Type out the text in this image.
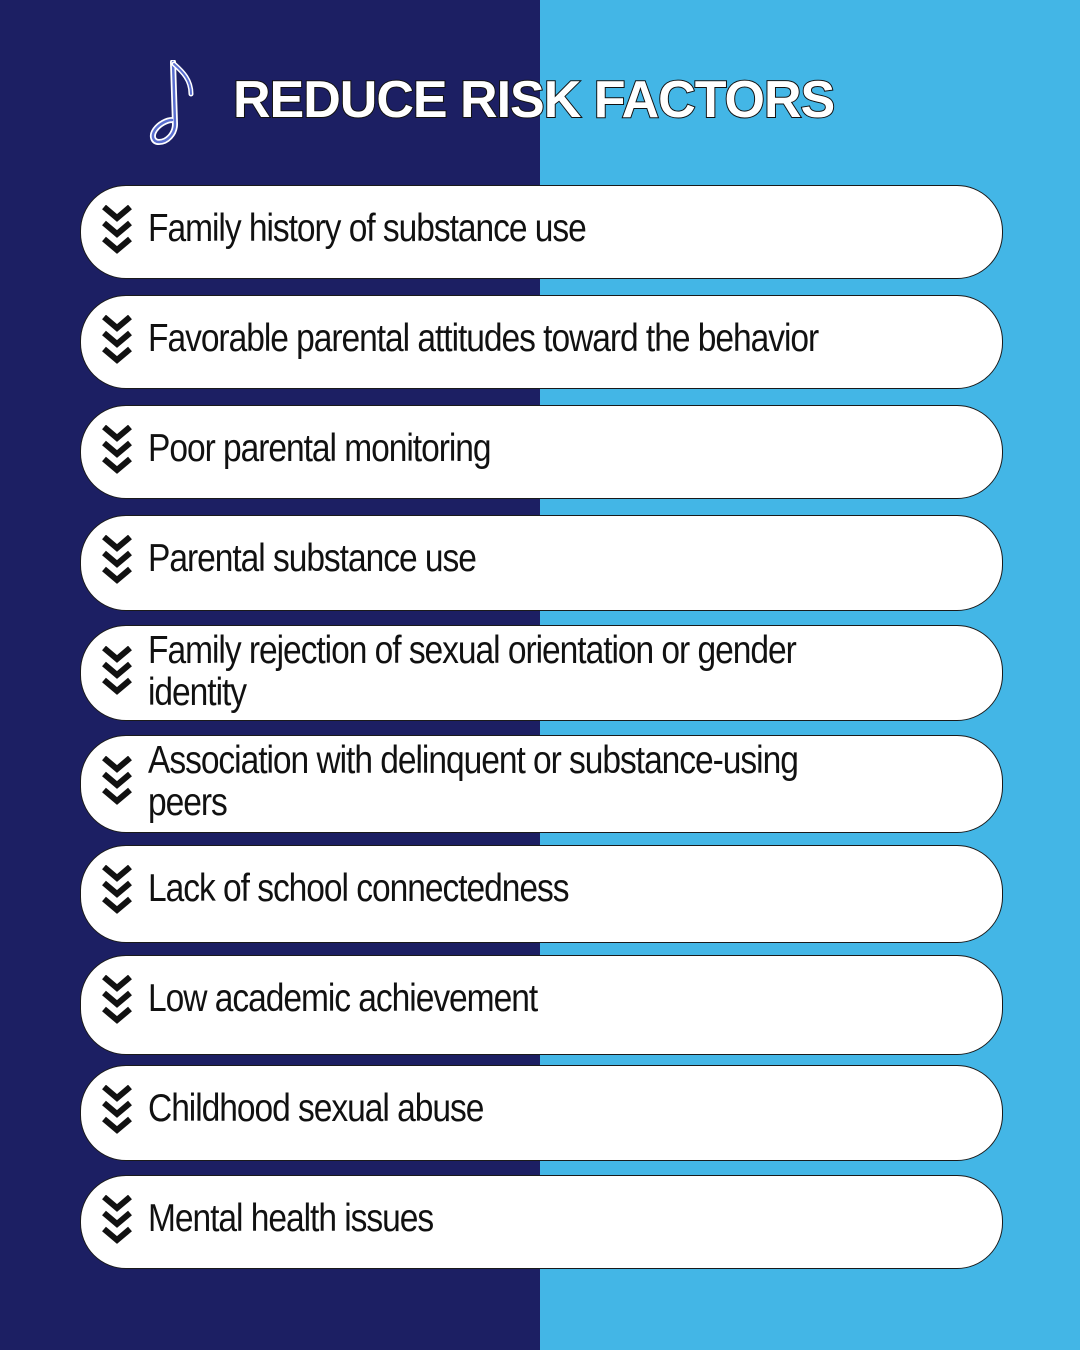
REDUCE RISK FACTORS
Family history of substance use
Favorable parental attitudes toward the behavior
Poor parental monitoring
Parental substance use
Family rejection of sexual orientation or gender
identity
Association with delinquent or substance-using
peers
Lack of school connectedness
Low academic achievement
Childhood sexual abuse
Mental health issues
